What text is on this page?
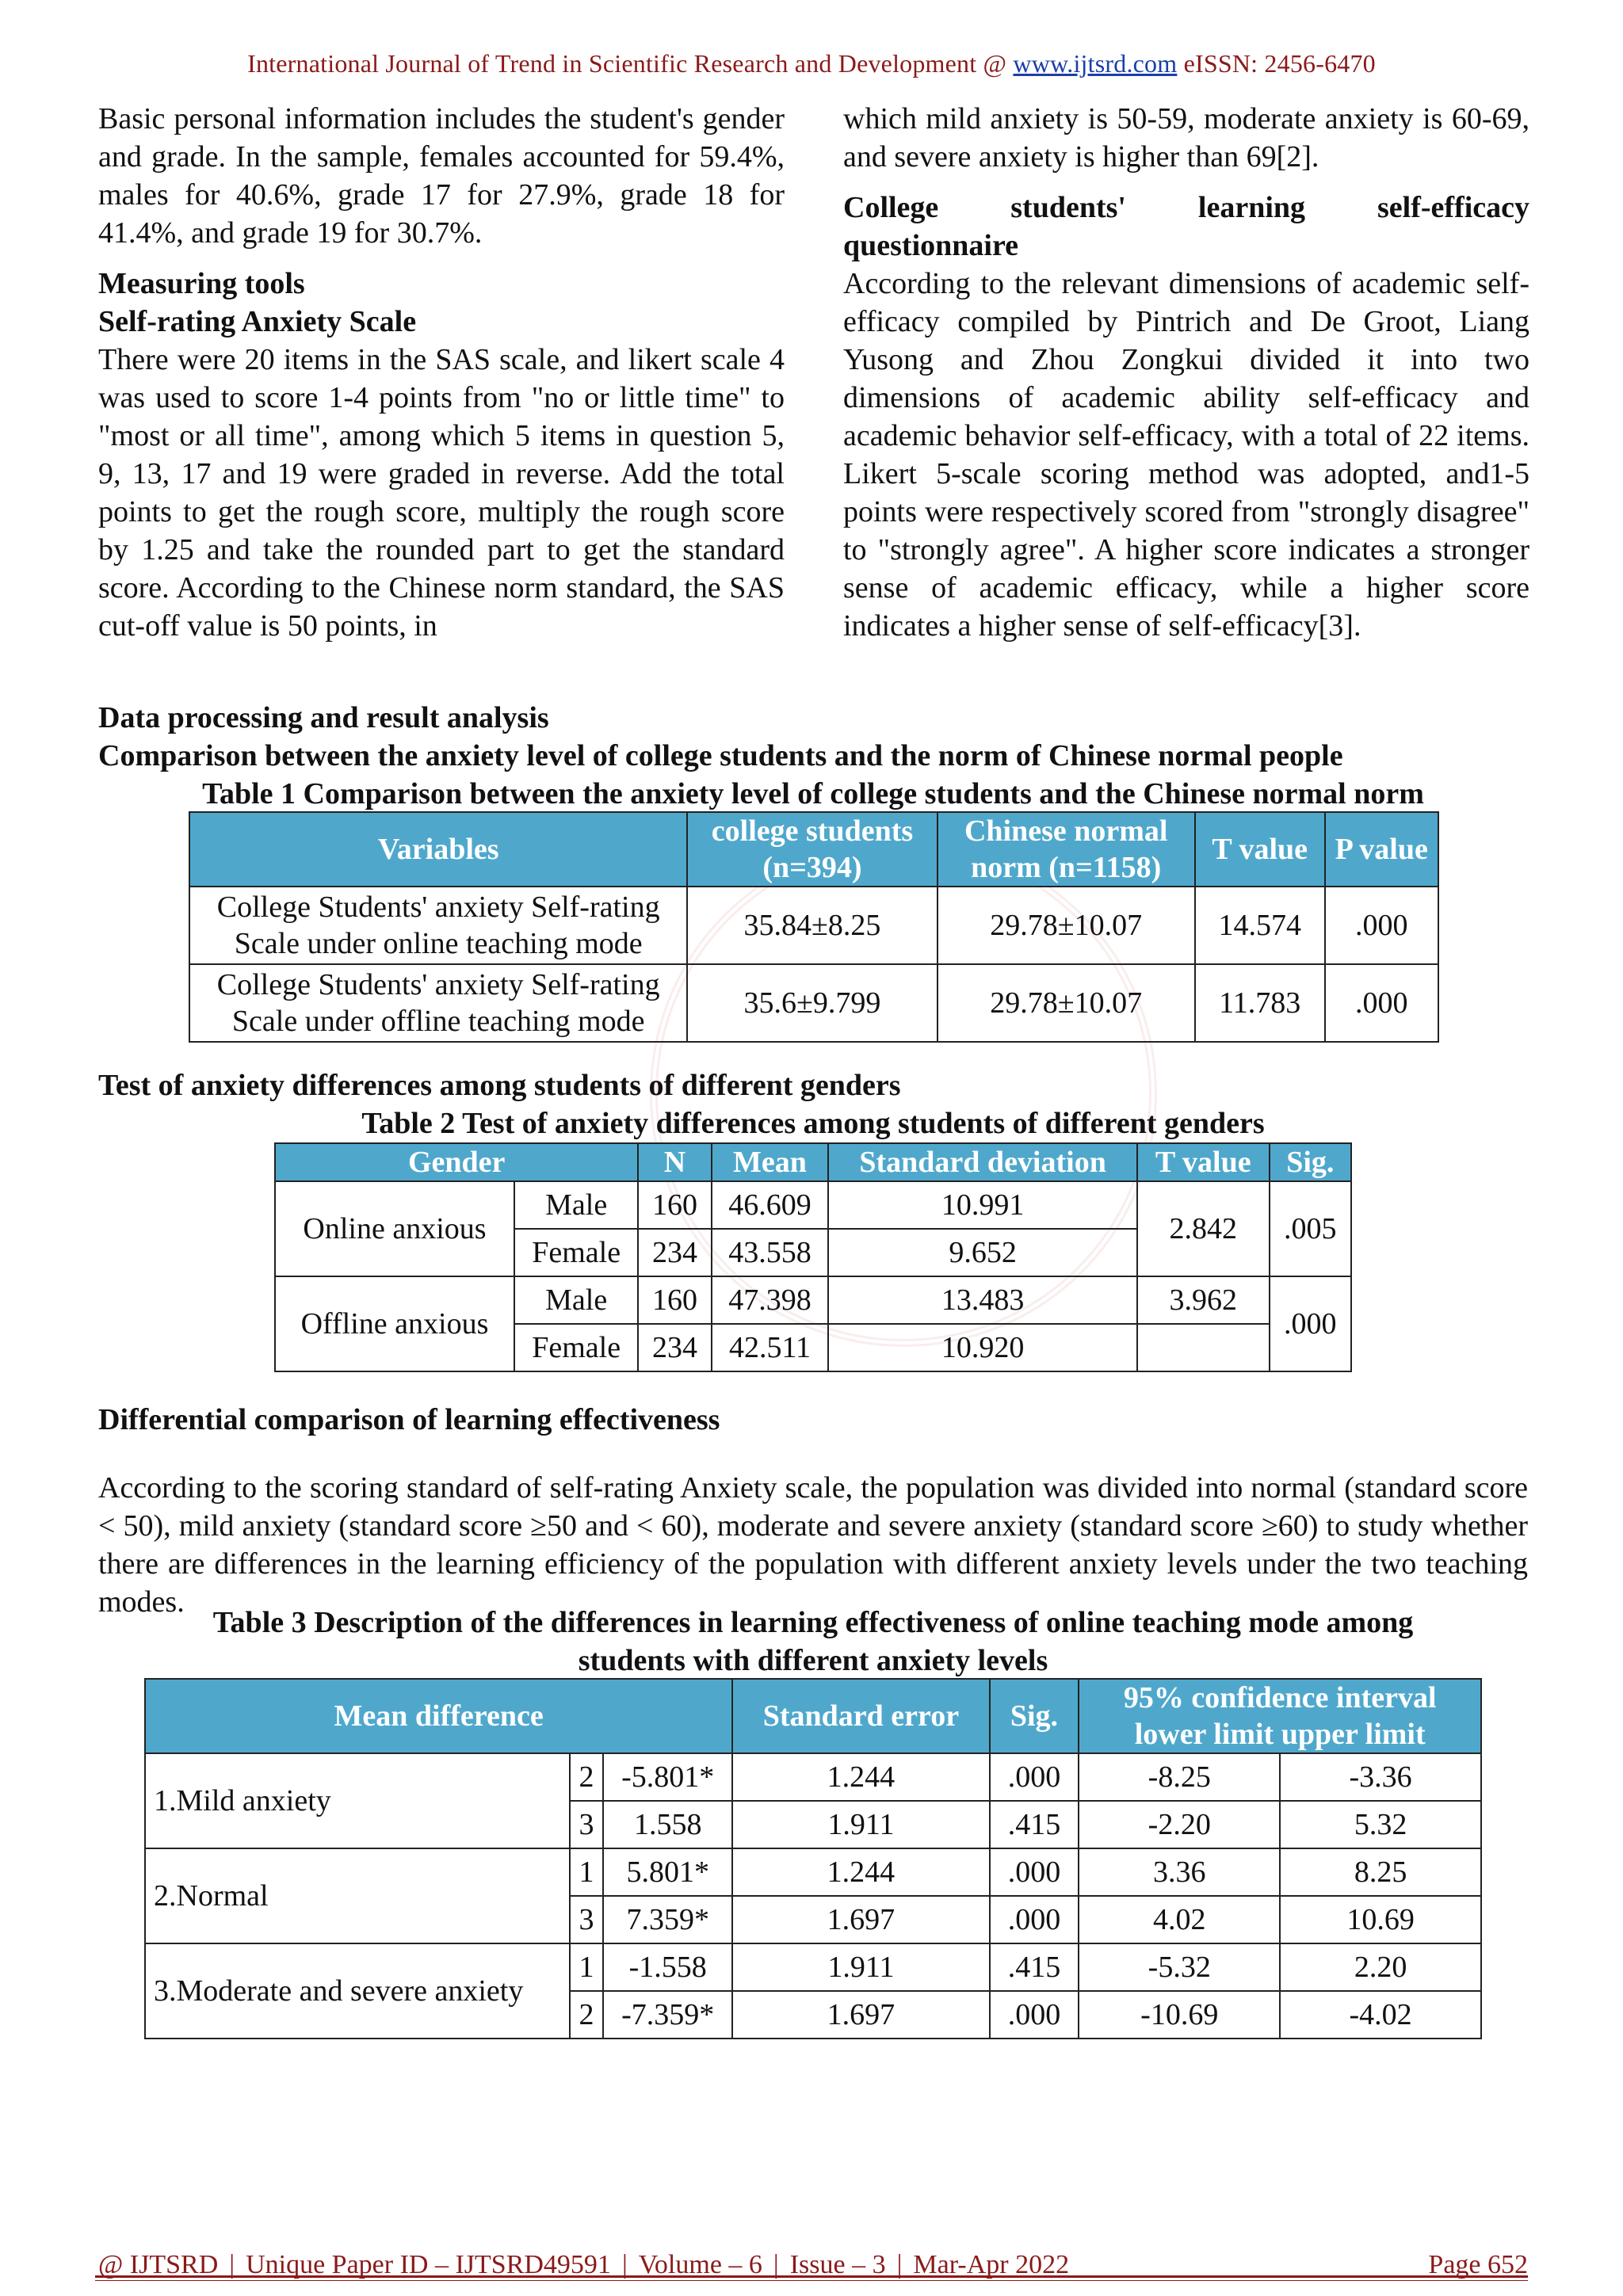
International Journal of Trend in Scientific Research and Development @ www.ijtsrd.com eISSN: 2456-6470

Basic personal information includes the student's gender and grade. In the sample, females accounted for 59.4%, males for 40.6%, grade 17 for 27.9%, grade 18 for 41.4%, and grade 19 for 30.7%.

Measuring tools

Self-rating Anxiety Scale

There were 20 items in the SAS scale, and likert scale 4 was used to score 1-4 points from "no or little time" to "most or all time", among which 5 items in question 5, 9, 13, 17 and 19 were graded in reverse. Add the total points to get the rough score, multiply the rough score by 1.25 and take the rounded part to get the standard score. According to the Chinese norm standard, the SAS cut-off value is 50 points, in

which mild anxiety is 50-59, moderate anxiety is 60-69, and severe anxiety is higher than 69[2].

College students' learning self-efficacy

questionnaire

According to the relevant dimensions of academic self-efficacy compiled by Pintrich and De Groot, Liang Yusong and Zhou Zongkui divided it into two dimensions of academic ability self-efficacy and academic behavior self-efficacy, with a total of 22 items. Likert 5-scale scoring method was adopted, and1-5 points were respectively scored from "strongly disagree" to "strongly agree". A higher score indicates a stronger sense of academic efficacy, while a higher score indicates a higher sense of self-efficacy[3].

Data processing and result analysis

Comparison between the anxiety level of college students and the norm of Chinese normal people

Table 1 Comparison between the anxiety level of college students and the Chinese normal norm
Variables	college students (n=394)	Chinese normal norm (n=1158)	T value	P value
College Students' anxiety Self-rating Scale under online teaching mode	35.84±8.25	29.78±10.07	14.574	.000
College Students' anxiety Self-rating Scale under offline teaching mode	35.6±9.799	29.78±10.07	11.783	.000

Test of anxiety differences among students of different genders

Table 2 Test of anxiety differences among students of different genders
Gender		N	Mean	Standard deviation	T value	Sig.
Online anxious	Male	160	46.609	10.991	2.842	.005
	Female	234	43.558	9.652		
Offline anxious	Male	160	47.398	13.483	3.962	.000
	Female	234	42.511	10.920		

Differential comparison of learning effectiveness

According to the scoring standard of self-rating Anxiety scale, the population was divided into normal (standard score < 50), mild anxiety (standard score ≥50 and < 60), moderate and severe anxiety (standard score ≥60) to study whether there are differences in the learning efficiency of the population with different anxiety levels under the two teaching modes.

Table 3 Description of the differences in learning effectiveness of online teaching mode among
students with different anxiety levels
Mean difference			Standard error	Sig.	95% confidence interval
lower limit upper limit	

1.Mild anxiety	2	-5.801*	1.244	.000	-8.25	-3.36
	3	1.558	1.911	.415	-2.20	5.32
2.Normal	1	5.801*	1.244	.000	3.36	8.25
	3	7.359*	1.697	.000	4.02	10.69
3.Moderate and severe anxiety	1	-1.558	1.911	.415	-5.32	2.20
	2	-7.359*	1.697	.000	-10.69	-4.02
@ IJTSRD | Unique Paper ID – IJTSRD49591 | Volume – 6 | Issue – 3 | Mar-Apr 2022	Page 652
